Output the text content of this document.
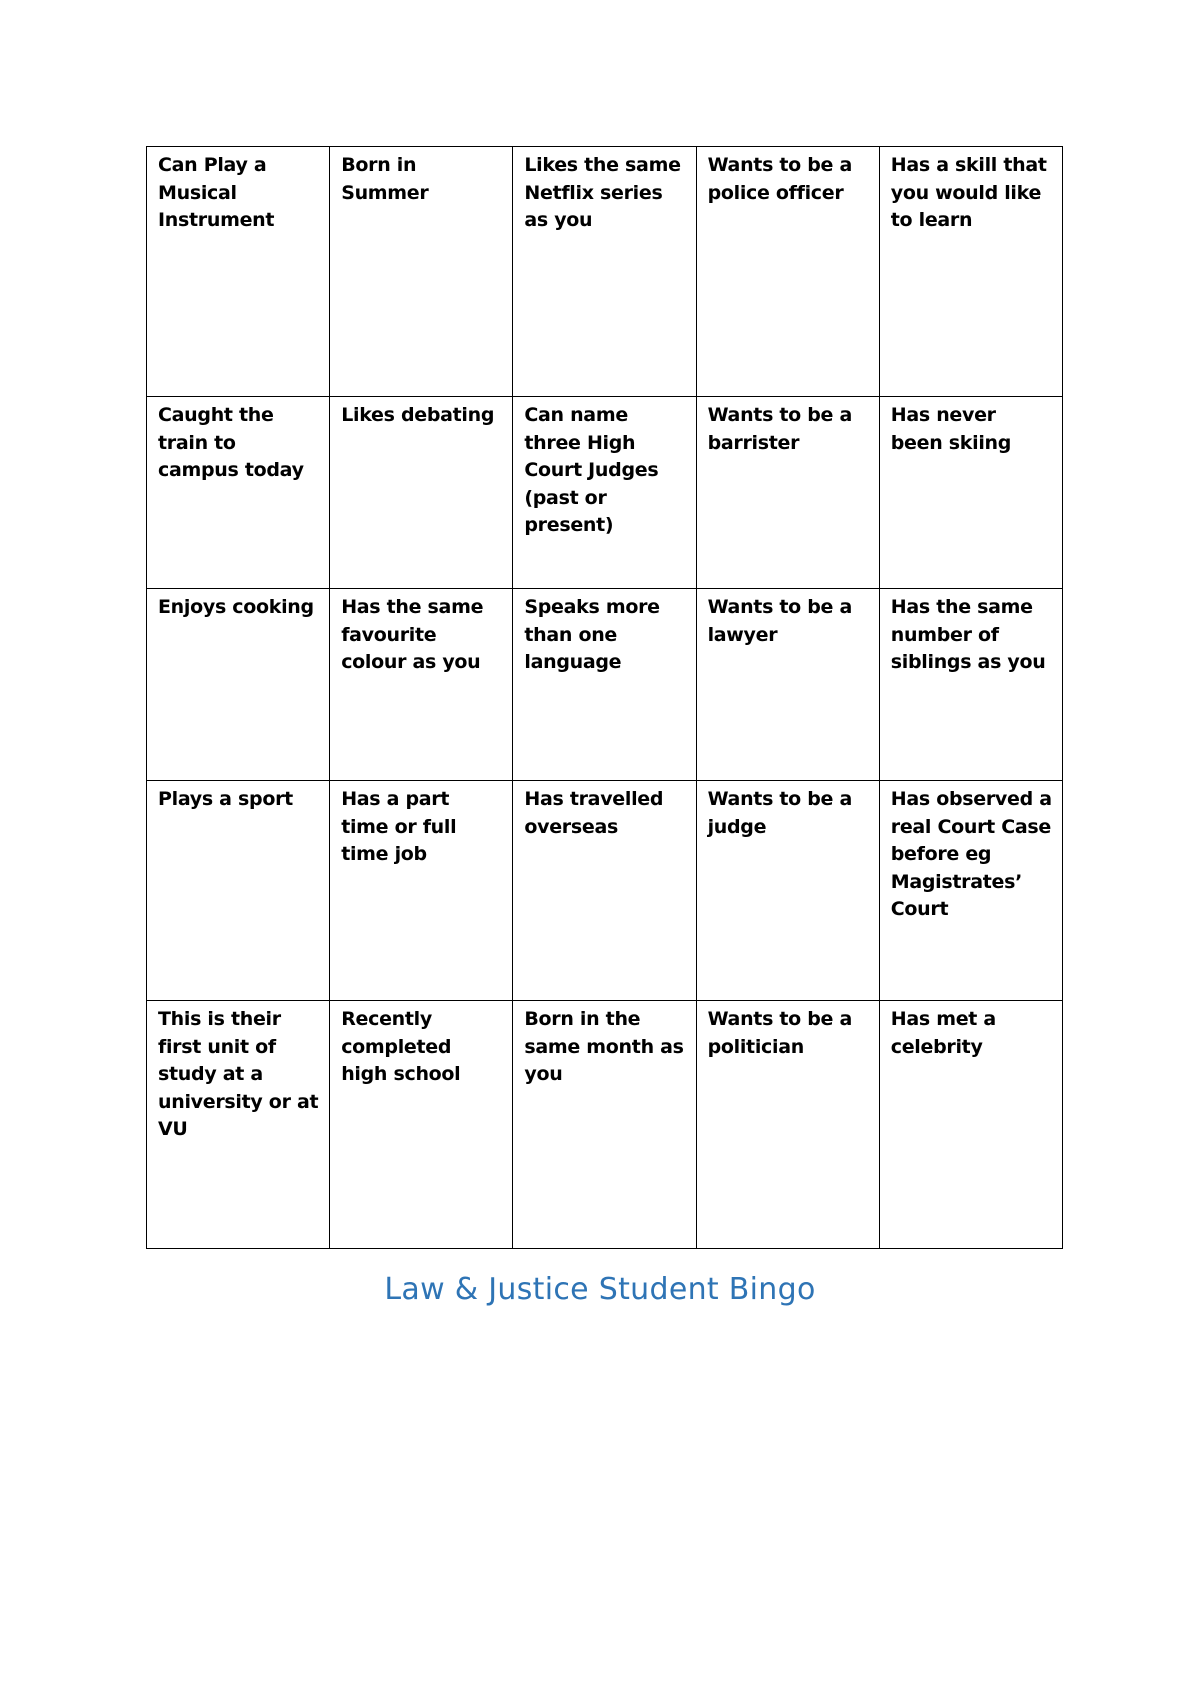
Can Play a Musical Instrument	Born in Summer	Likes the same Netflix series as you	Wants to be a police officer	Has a skill that you would like to learn
Caught the train to campus today	Likes debating	Can name three High Court Judges (past or present)	Wants to be a barrister	Has never been skiing
Enjoys cooking	Has the same favourite colour as you	Speaks more than one language	Wants to be a lawyer	Has the same number of siblings as you
Plays a sport	Has a part time or full time job	Has travelled overseas	Wants to be a judge	Has observed a real Court Case before eg Magistrates’ Court
This is their first unit of study at a university or at VU	Recently completed high school	Born in the same month as you	Wants to be a politician	Has met a celebrity
Law & Justice Student Bingo
